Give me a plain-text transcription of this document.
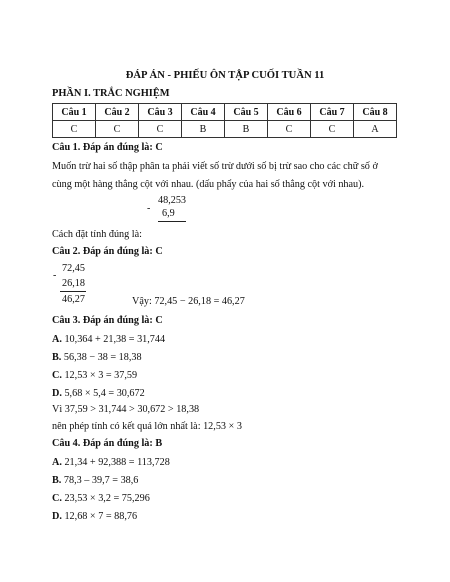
ĐÁP ÁN - PHIẾU ÔN TẬP CUỐI TUẦN 11
PHẦN I. TRẮC NGHIỆM
Câu 1	Câu 2	Câu 3	Câu 4	Câu 5	Câu 6	Câu 7	Câu 8
C	C	C	B	B	C	C	A
Câu 1. Đáp án đúng là: C
Muốn trừ hai số thập phân ta phải viết số trừ dưới số bị trừ sao cho các chữ số ở
cùng một hàng thẳng cột với nhau. (dấu phẩy của hai số thẳng cột với nhau).
-
48,253
6,9
Cách đặt tính đúng là:
Câu 2. Đáp án đúng là: C
-
72,45
26,18
46,27	Vậy: 72,45 − 26,18 = 46,27
Câu 3. Đáp án đúng là: C
A. 10,364 + 21,38 = 31,744
B. 56,38 − 38 = 18,38
C. 12,53 × 3 = 37,59
D. 5,68 × 5,4 = 30,672
Vì 37,59 > 31,744 > 30,672 > 18,38
nên phép tính có kết quả lớn nhất là: 12,53 × 3
Câu 4. Đáp án đúng là: B
A. 21,34 + 92,388 = 113,728
B. 78,3 – 39,7 = 38,6
C. 23,53 × 3,2 = 75,296
D. 12,68 × 7 = 88,76
